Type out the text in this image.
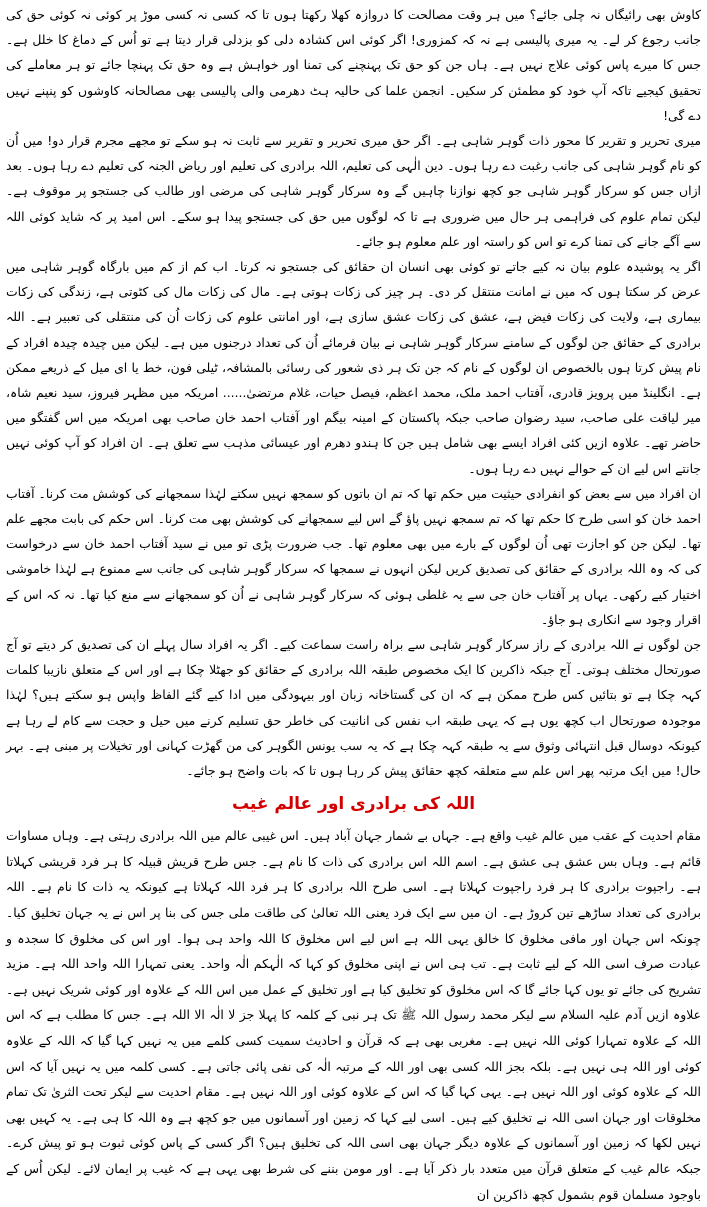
کاوش بھی رائیگاں نہ چلی جائے؟ میں ہر وقت مصالحت کا دروازہ کھلا رکھتا ہوں تا کہ کسی نہ کسی موڑ پر کوئی نہ کوئی حق کی جانب رجوع کر لے۔ یہ میری پالیسی ہے نہ کہ کمزوری! اگر کوئی اس کشادہ دلی کو بزدلی قرار دیتا ہے تو اُس کے دماغ کا خلل ہے۔ جس کا میرے پاس کوئی علاج نہیں ہے۔ ہاں جن کو حق تک پہنچنے کی تمنا اور خواہش ہے وہ حق تک پہنچا جائے تو ہر معاملے کی تحقیق کیجیے تاکہ آپ خود کو مطمئن کر سکیں۔ انجمن علما کی حالیہ ہٹ دھرمی والی پالیسی بھی مصالحانہ کاوشوں کو پنپنے نہیں دے گی!

میری تحریر و تقریر کا محور ذات گوہر شاہی ہے۔ اگر حق میری تحریر و تقریر سے ثابت نہ ہو سکے تو مجھے مجرم قرار دو! میں اُن کو نام گوہر شاہی کی جانب رغبت دے رہا ہوں۔ دین الٰہی کی تعلیم، اللہ برادری کی تعلیم اور ریاض الجنہ کی تعلیم دے رہا ہوں۔ بعد ازاں جس کو سرکار گوہر شاہی جو کچھ نوازنا چاہیں گے وہ سرکار گوہر شاہی کی مرضی اور طالب کی جستجو پر موقوف ہے۔ لیکن تمام علوم کی فراہمی ہر حال میں ضروری ہے تا کہ لوگوں میں حق کی جستجو پیدا ہو سکے۔ اس امید پر کہ شاید کوئی اللہ سے آگے جانے کی تمنا کرے تو اس کو راستہ اور علم معلوم ہو جائے۔

اگر یہ پوشیدہ علوم بیان نہ کیے جاتے تو کوئی بھی انسان ان حقائق کی جستجو نہ کرتا۔ اب کم از کم میں بارگاہ گوہر شاہی میں عرض کر سکتا ہوں کہ میں نے امانت منتقل کر دی۔ ہر چیز کی زکات ہوتی ہے۔ مال کی زکات مال کی کٹوتی ہے، زندگی کی زکات بیماری ہے، ولایت کی زکات فیض ہے، عشق کی زکات عشق سازی ہے، اور امانتی علوم کی زکات اُن کی منتقلی کی تعبیر ہے۔ اللہ برادری کے حقائق جن لوگوں کے سامنے سرکار گوہر شاہی نے بیان فرمائے اُن کی تعداد درجنوں میں ہے۔ لیکن میں چیدہ چیدہ افراد کے نام پیش کرتا ہوں بالخصوص ان لوگوں کے نام کہ جن تک ہر ذی شعور کی رسائی بالمشافہ، ٹیلی فون، خط یا ای میل کے ذریعے ممکن ہے۔ انگلینڈ میں پرویز قادری، آفتاب احمد ملک، محمد اعظم، فیصل حیات، غلام مرتضیٰ...... امریکہ میں مظہر فیروز، سید نعیم شاہ، میر لیاقت علی صاحب، سید رضوان صاحب جبکہ پاکستان کے امینہ بیگم اور آفتاب احمد خان صاحب بھی امریکہ میں اس گفتگو میں حاضر تھے۔ علاوہ ازیں کئی افراد ایسے بھی شامل ہیں جن کا ہندو دھرم اور عیسائی مذہب سے تعلق ہے۔ ان افراد کو آپ کوئی نہیں جانتے اس لیے ان کے حوالے نہیں دے رہا ہوں۔

ان افراد میں سے بعض کو انفرادی حیثیت میں حکم تھا کہ تم ان باتوں کو سمجھ نہیں سکتے لہٰذا سمجھانے کی کوشش مت کرنا۔ آفتاب احمد خان کو اسی طرح کا حکم تھا کہ تم سمجھ نہیں پاؤ گے اس لیے سمجھانے کی کوشش بھی مت کرنا۔ اس حکم کی بابت مجھے علم تھا۔ لیکن جن کو اجازت تھی اُن لوگوں کے بارے میں بھی معلوم تھا۔ جب ضرورت پڑی تو میں نے سید آفتاب احمد خان سے درخواست کی کہ وہ اللہ برادری کے حقائق کی تصدیق کریں لیکن انہوں نے سمجھا کہ سرکار گوہر شاہی کی جانب سے ممنوع ہے لہٰذا خاموشی اختیار کیے رکھی۔ یہاں پر آفتاب خان جی سے یہ غلطی ہوئی کہ سرکار گوہر شاہی نے اُن کو سمجھانے سے منع کیا تھا۔ نہ کہ اس کے اقرار وجود سے انکاری ہو جاؤ۔

جن لوگوں نے اللہ برادری کے راز سرکار گوہر شاہی سے براہ راست سماعت کیے۔ اگر یہ افراد سال پہلے ان کی تصدیق کر دیتے تو آج صورتحال مختلف ہوتی۔ آج جبکہ ذاکرین کا ایک مخصوص طبقہ اللہ برادری کے حقائق کو جھٹلا چکا ہے اور اس کے متعلق نازیبا کلمات کہہ چکا ہے تو بتائیں کس طرح ممکن ہے کہ ان کی گستاخانہ زبان اور بیہودگی میں ادا کیے گئے الفاظ واپس ہو سکتے ہیں؟ لہٰذا موجودہ صورتحال اب کچھ یوں ہے کہ یہی طبقہ اب نفس کی انانیت کی خاطر حق تسلیم کرنے میں حیل و حجت سے کام لے رہا ہے کیونکہ دوسال قبل انتہائی وثوق سے یہ طبقہ کہہ چکا ہے کہ یہ سب یونس الگوہر کی من گھڑت کہانی اور تخیلات پر مبنی ہے۔ بہر حال! میں ایک مرتبہ پھر اس علم سے متعلقہ کچھ حقائق پیش کر رہا ہوں تا کہ بات واضح ہو جائے۔

اللہ کی برادری اور عالم غیب

مقام احدیت کے عقب میں عالم غیب واقع ہے۔ جہاں بے شمار جہان آباد ہیں۔ اس غیبی عالم میں اللہ برادری رہتی ہے۔ وہاں مساوات قائم ہے۔ وہاں بس عشق ہی عشق ہے۔ اسم اللہ اس برادری کی ذات کا نام ہے۔ جس طرح قریش قبیلہ کا ہر فرد قریشی کہلاتا ہے۔ راجپوت برادری کا ہر فرد راجپوت کہلاتا ہے۔ اسی طرح اللہ برادری کا ہر فرد اللہ کہلاتا ہے کیونکہ یہ ذات کا نام ہے۔ اللہ برادری کی تعداد ساڑھے تین کروڑ ہے۔ ان میں سے ایک فرد یعنی اللہ تعالیٰ کی طاقت ملی جس کی بنا پر اس نے یہ جہان تخلیق کیا۔ چونکہ اس جہان اور مافی مخلوق کا خالق یہی اللہ ہے اس لیے اس مخلوق کا اللہ واحد ہی ہوا۔ اور اس کی مخلوق کا سجدہ و عبادت صرف اسی اللہ کے لیے ثابت ہے۔ تب ہی اس نے اپنی مخلوق کو کہا کہ الٰہکم الٰہ واحد۔ یعنی تمہارا اللہ واحد اللہ ہے۔ مزید تشریح کی جائے تو یوں کہا جائے گا کہ اس مخلوق کو تخلیق کیا ہے اور تخلیق کے عمل میں اس اللہ کے علاوہ اور کوئی شریک نہیں ہے۔ علاوہ ازیں آدم علیہ السلام سے لیکر محمد رسول اللہ ﷺ تک ہر نبی کے کلمہ کا پہلا جز لا الٰہ الا اللہ ہے۔ جس کا مطلب ہے کہ اس اللہ کے علاوہ تمہارا کوئی اللہ نہیں ہے۔ مغربی بھی ہے کہ قرآن و احادیث سمیت کسی کلمے میں یہ نہیں کہا گیا کہ اللہ کے علاوہ کوئی اور اللہ ہی نہیں ہے۔ بلکہ بجز اللہ کسی بھی اور اللہ کے مرتبہ الٰہ کی نفی پائی جاتی ہے۔ کسی کلمہ میں یہ نہیں آیا کہ اس اللہ کے علاوہ کوئی اور اللہ نہیں ہے۔ یہی کہا گیا کہ اس کے علاوہ کوئی اور اللہ نہیں ہے۔ مقام احدیت سے لیکر تحت الثریٰ تک تمام مخلوقات اور جہان اسی اللہ نے تخلیق کیے ہیں۔ اسی لیے کہا کہ زمین اور آسمانوں میں جو کچھ ہے وہ اللہ کا ہی ہے۔ یہ کہیں بھی نہیں لکھا کہ زمین اور آسمانوں کے علاوہ دیگر جہان بھی اسی اللہ کی تخلیق ہیں؟ اگر کسی کے پاس کوئی ثبوت ہو تو پیش کرے۔ جبکہ عالم غیب کے متعلق قرآن میں متعدد بار ذکر آیا ہے۔ اور مومن بننے کی شرط بھی یہی ہے کہ غیب پر ایمان لائے۔ لیکن اُس کے باوجود مسلمان قوم بشمول کچھ ذاکرین ان
